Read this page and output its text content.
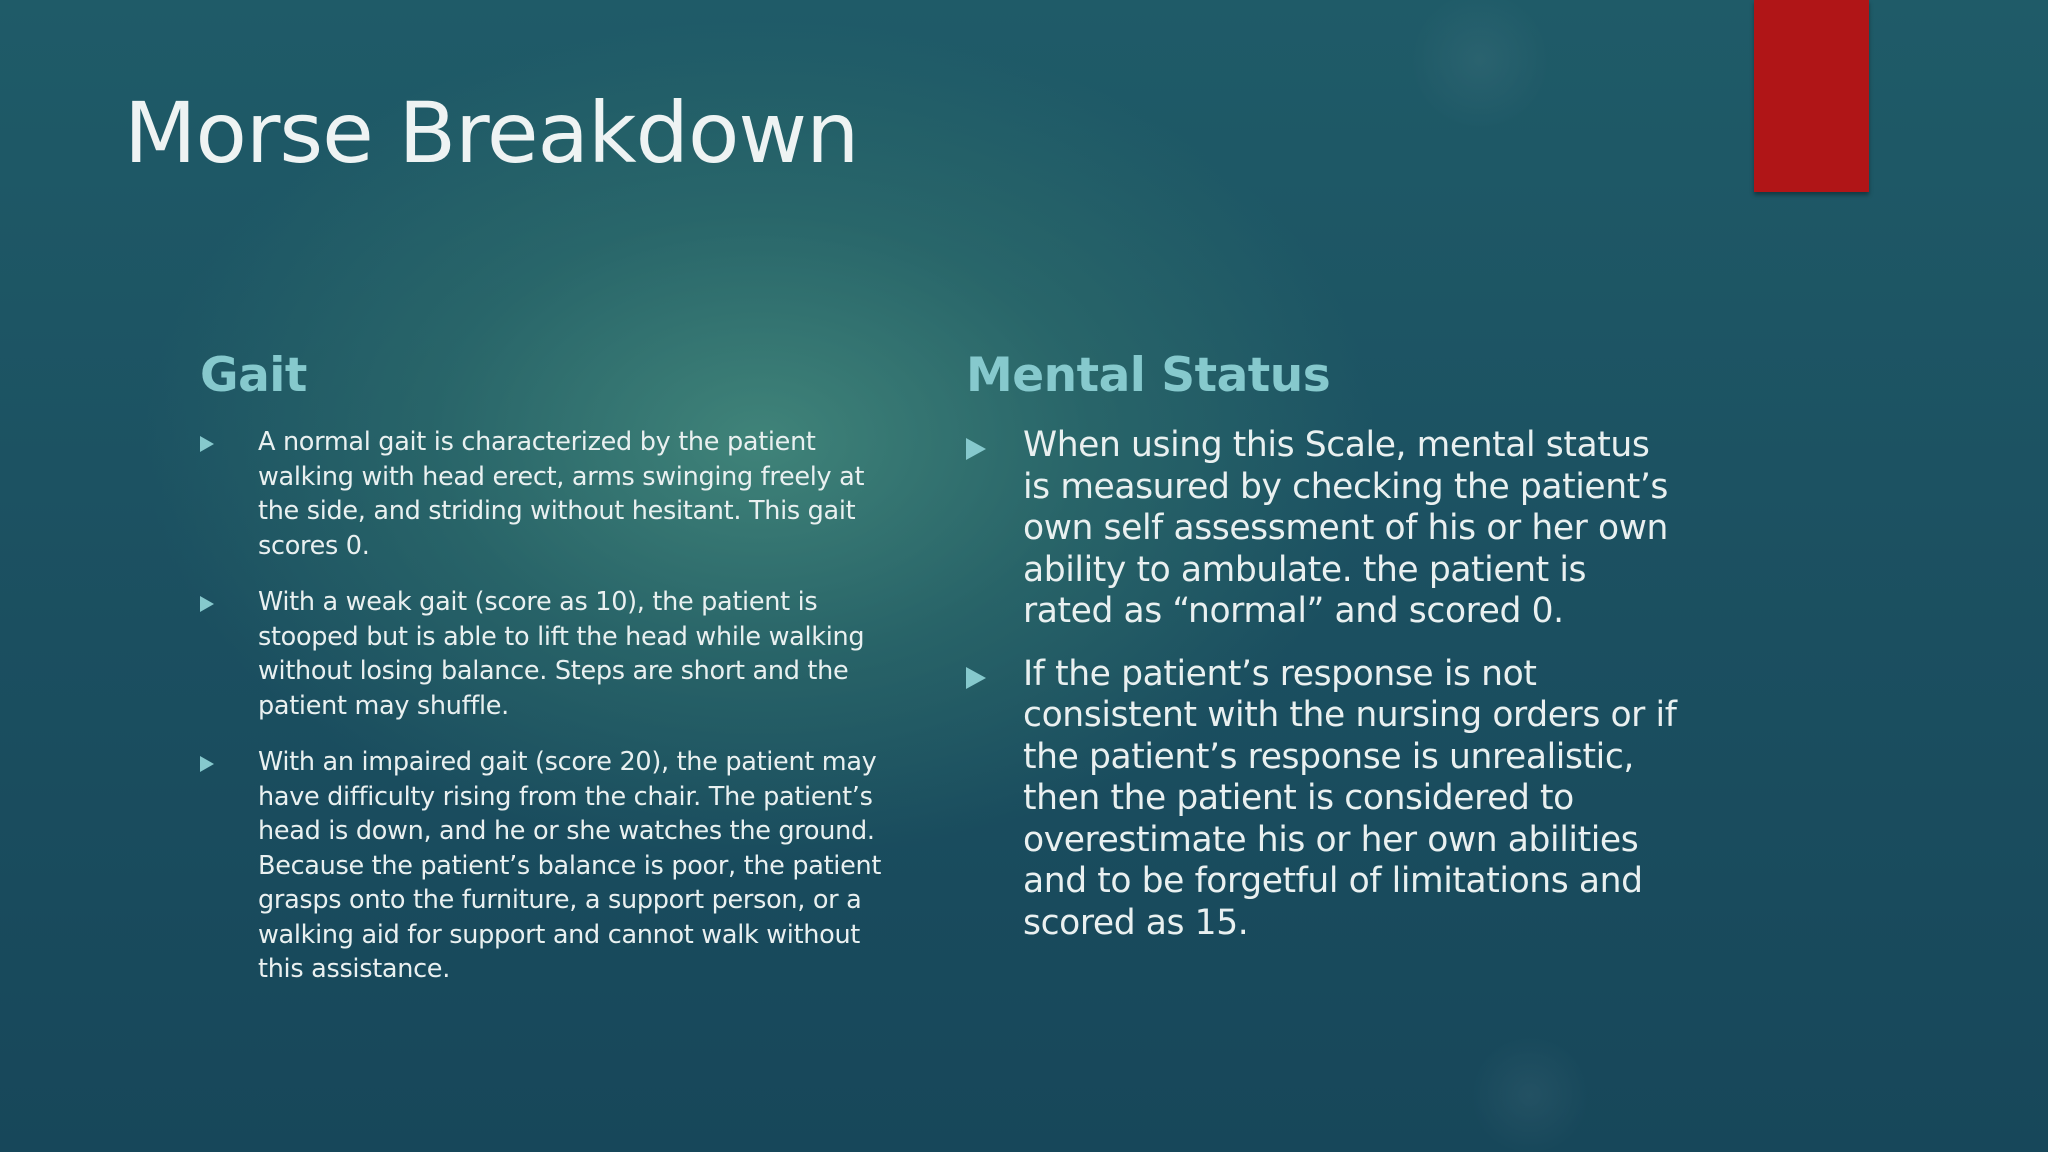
Morse Breakdown
Gait
A normal gait is characterized by the patient walking with head erect, arms swinging freely at the side, and striding without hesitant. This gait scores 0.
With a weak gait (score as 10), the patient is stooped but is able to lift the head while walking without losing balance. Steps are short and the patient may shuffle.
With an impaired gait (score 20), the patient may have difficulty rising from the chair. The patient’s head is down, and he or she watches the ground. Because the patient’s balance is poor, the patient grasps onto the furniture, a support person, or a walking aid for support and cannot walk without this assistance.
Mental Status
When using this Scale, mental status is measured by checking the patient’s own self assessment of his or her own ability to ambulate. the patient is rated as “normal” and scored 0.
If the patient’s response is not consistent with the nursing orders or if the patient’s response is unrealistic, then the patient is considered to overestimate his or her own abilities and to be forgetful of limitations and scored as 15.
